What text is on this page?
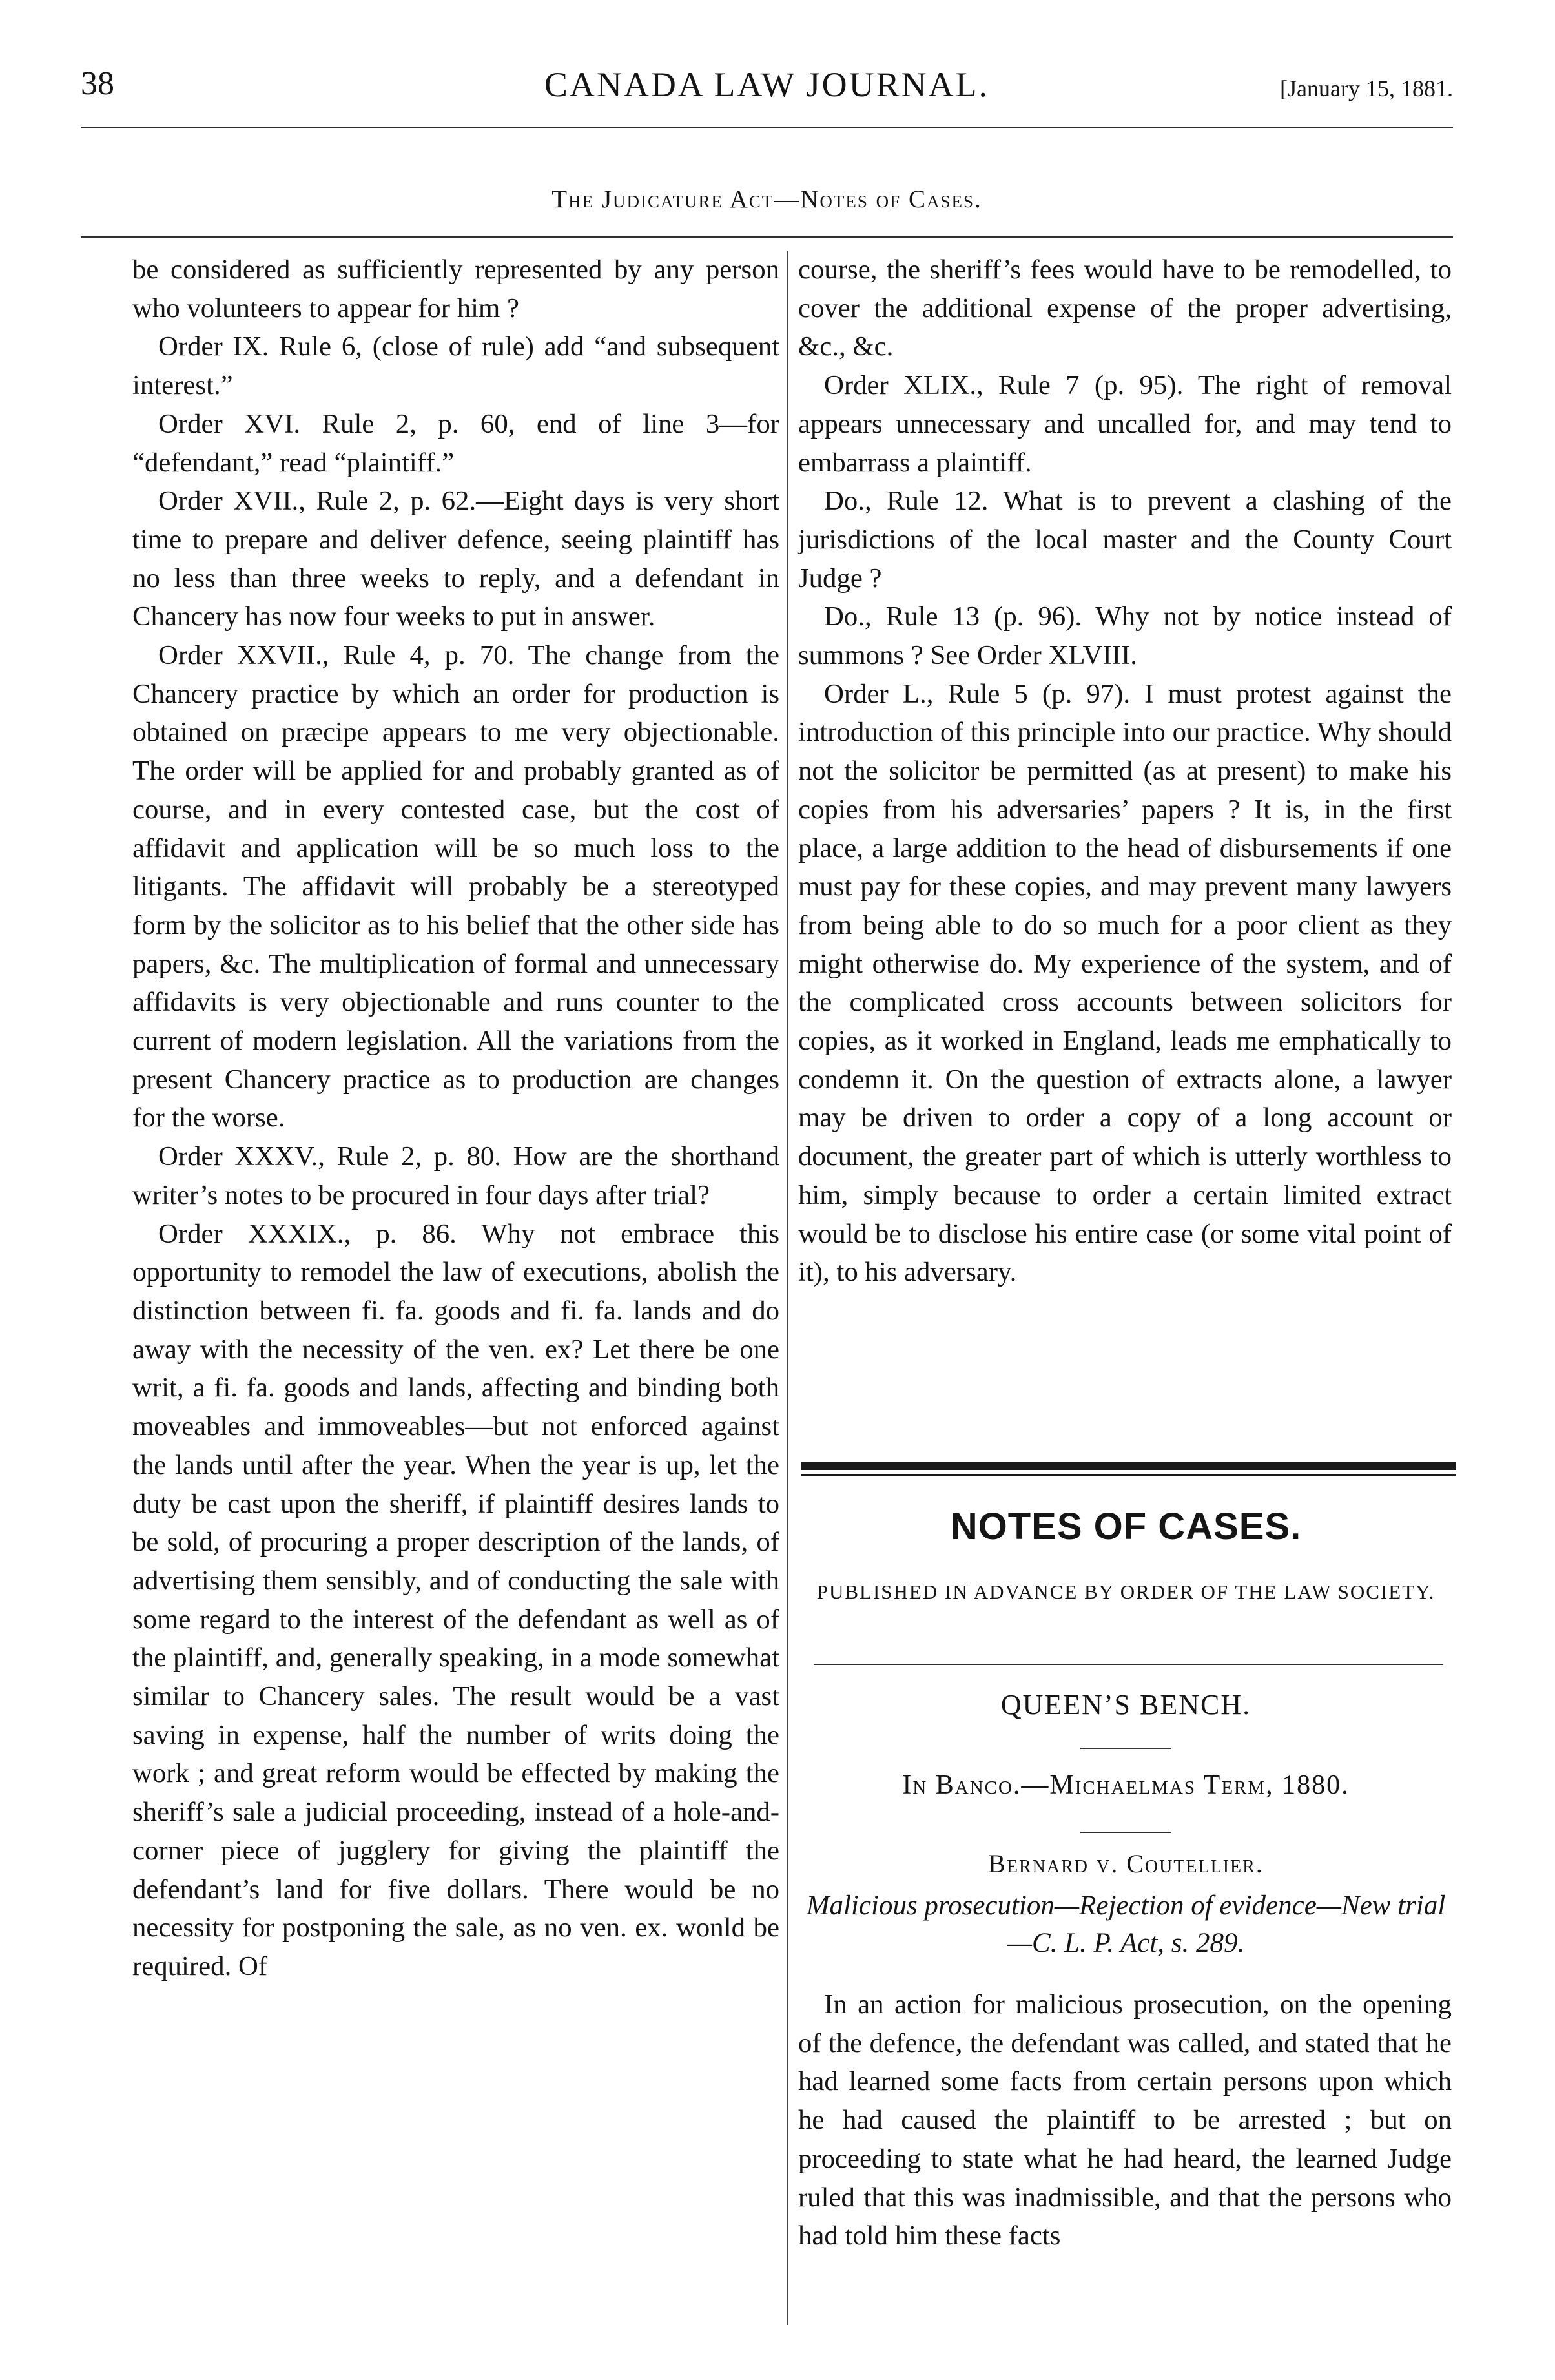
38	CANADA LAW JOURNAL.	[January 15, 1881.
The Judicature Act—Notes of Cases.

be considered as sufficiently represented by any person who volunteers to appear for him ?

Order IX. Rule 6, (close of rule) add “and subsequent interest.”

Order XVI. Rule 2, p. 60, end of line 3—for “defendant,” read “plaintiff.”

Order XVII., Rule 2, p. 62.—Eight days is very short time to prepare and deliver defence, seeing plaintiff has no less than three weeks to reply, and a defendant in Chancery has now four weeks to put in answer.

Order XXVII., Rule 4, p. 70. The change from the Chancery practice by which an order for production is obtained on præcipe appears to me very objectionable. The order will be applied for and probably granted as of course, and in every contested case, but the cost of affidavit and application will be so much loss to the litigants. The affidavit will probably be a stereotyped form by the solicitor as to his belief that the other side has papers, &c. The multiplication of formal and unnecessary affidavits is very objectionable and runs counter to the current of modern legislation. All the variations from the present Chancery practice as to production are changes for the worse.

Order XXXV., Rule 2, p. 80. How are the shorthand writer’s notes to be procured in four days after trial?

Order XXXIX., p. 86. Why not embrace this opportunity to remodel the law of executions, abolish the distinction between fi. fa. goods and fi. fa. lands and do away with the necessity of the ven. ex? Let there be one writ, a fi. fa. goods and lands, affecting and binding both moveables and immoveables—but not enforced against the lands until after the year. When the year is up, let the duty be cast upon the sheriff, if plaintiff desires lands to be sold, of procuring a proper description of the lands, of advertising them sensibly, and of conducting the sale with some regard to the interest of the defendant as well as of the plaintiff, and, generally speaking, in a mode somewhat similar to Chancery sales. The result would be a vast saving in expense, half the number of writs doing the work ; and great reform would be effected by making the sheriff’s sale a judicial proceeding, instead of a hole-and-corner piece of jugglery for giving the plaintiff the defendant’s land for five dollars. There would be no necessity for postponing the sale, as no ven. ex. wonld be required. Of

course, the sheriff’s fees would have to be remodelled, to cover the additional expense of the proper advertising, &c., &c.

Order XLIX., Rule 7 (p. 95). The right of removal appears unnecessary and uncalled for, and may tend to embarrass a plaintiff.

Do., Rule 12. What is to prevent a clashing of the jurisdictions of the local master and the County Court Judge ?

Do., Rule 13 (p. 96). Why not by notice instead of summons ? See Order XLVIII.

Order L., Rule 5 (p. 97). I must protest against the introduction of this principle into our practice. Why should not the solicitor be permitted (as at present) to make his copies from his adversaries’ papers ? It is, in the first place, a large addition to the head of disbursements if one must pay for these copies, and may prevent many lawyers from being able to do so much for a poor client as they might otherwise do. My experience of the system, and of the complicated cross accounts between solicitors for copies, as it worked in England, leads me emphatically to condemn it. On the question of extracts alone, a lawyer may be driven to order a copy of a long account or document, the greater part of which is utterly worthless to him, simply because to order a certain limited extract would be to disclose his entire case (or some vital point of it), to his adversary.

NOTES OF CASES.
PUBLISHED IN ADVANCE BY ORDER OF THE LAW SOCIETY.
QUEEN’S BENCH.
In Banco.—Michaelmas Term, 1880.
Bernard v. Coutellier.
Malicious prosecution—Rejection of evidence—New trial—C. L. P. Act, s. 289.

In an action for malicious prosecution, on the opening of the defence, the defendant was called, and stated that he had learned some facts from certain persons upon which he had caused the plaintiff to be arrested ; but on proceeding to state what he had heard, the learned Judge ruled that this was inadmissible, and that the persons who had told him these facts
